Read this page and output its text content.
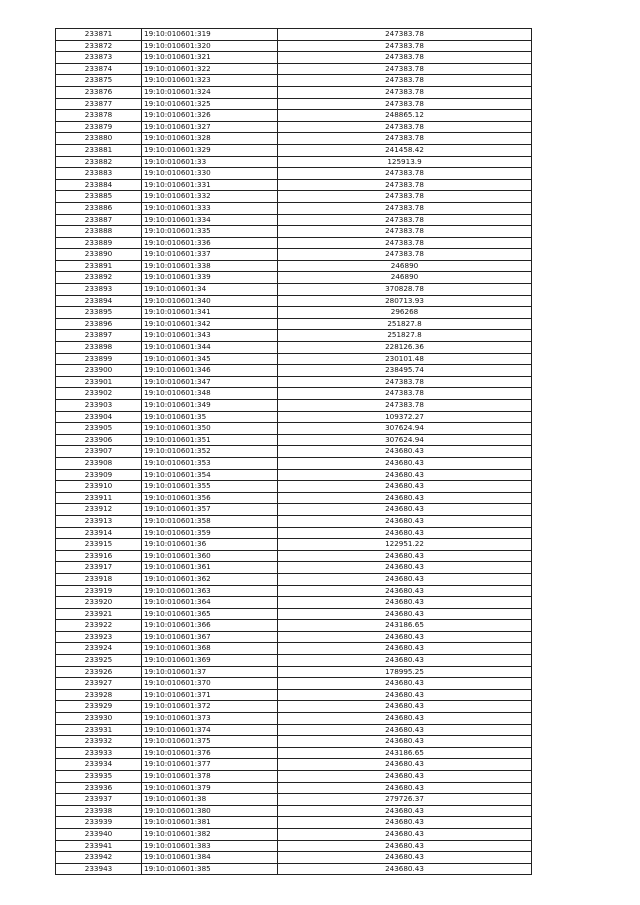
233871	19:10:010601:319	247383.78
233872	19:10:010601:320	247383.78
233873	19:10:010601:321	247383.78
233874	19:10:010601:322	247383.78
233875	19:10:010601:323	247383.78
233876	19:10:010601:324	247383.78
233877	19:10:010601:325	247383.78
233878	19:10:010601:326	248865.12
233879	19:10:010601:327	247383.78
233880	19:10:010601:328	247383.78
233881	19:10:010601:329	241458.42
233882	19:10:010601:33	125913.9
233883	19:10:010601:330	247383.78
233884	19:10:010601:331	247383.78
233885	19:10:010601:332	247383.78
233886	19:10:010601:333	247383.78
233887	19:10:010601:334	247383.78
233888	19:10:010601:335	247383.78
233889	19:10:010601:336	247383.78
233890	19:10:010601:337	247383.78
233891	19:10:010601:338	246890
233892	19:10:010601:339	246890
233893	19:10:010601:34	370828.78
233894	19:10:010601:340	280713.93
233895	19:10:010601:341	296268
233896	19:10:010601:342	251827.8
233897	19:10:010601:343	251827.8
233898	19:10:010601:344	228126.36
233899	19:10:010601:345	230101.48
233900	19:10:010601:346	238495.74
233901	19:10:010601:347	247383.78
233902	19:10:010601:348	247383.78
233903	19:10:010601:349	247383.78
233904	19:10:010601:35	109372.27
233905	19:10:010601:350	307624.94
233906	19:10:010601:351	307624.94
233907	19:10:010601:352	243680.43
233908	19:10:010601:353	243680.43
233909	19:10:010601:354	243680.43
233910	19:10:010601:355	243680.43
233911	19:10:010601:356	243680.43
233912	19:10:010601:357	243680.43
233913	19:10:010601:358	243680.43
233914	19:10:010601:359	243680.43
233915	19:10:010601:36	122951.22
233916	19:10:010601:360	243680.43
233917	19:10:010601:361	243680.43
233918	19:10:010601:362	243680.43
233919	19:10:010601:363	243680.43
233920	19:10:010601:364	243680.43
233921	19:10:010601:365	243680.43
233922	19:10:010601:366	243186.65
233923	19:10:010601:367	243680.43
233924	19:10:010601:368	243680.43
233925	19:10:010601:369	243680.43
233926	19:10:010601:37	178995.25
233927	19:10:010601:370	243680.43
233928	19:10:010601:371	243680.43
233929	19:10:010601:372	243680.43
233930	19:10:010601:373	243680.43
233931	19:10:010601:374	243680.43
233932	19:10:010601:375	243680.43
233933	19:10:010601:376	243186.65
233934	19:10:010601:377	243680.43
233935	19:10:010601:378	243680.43
233936	19:10:010601:379	243680.43
233937	19:10:010601:38	279726.37
233938	19:10:010601:380	243680.43
233939	19:10:010601:381	243680.43
233940	19:10:010601:382	243680.43
233941	19:10:010601:383	243680.43
233942	19:10:010601:384	243680.43
233943	19:10:010601:385	243680.43
